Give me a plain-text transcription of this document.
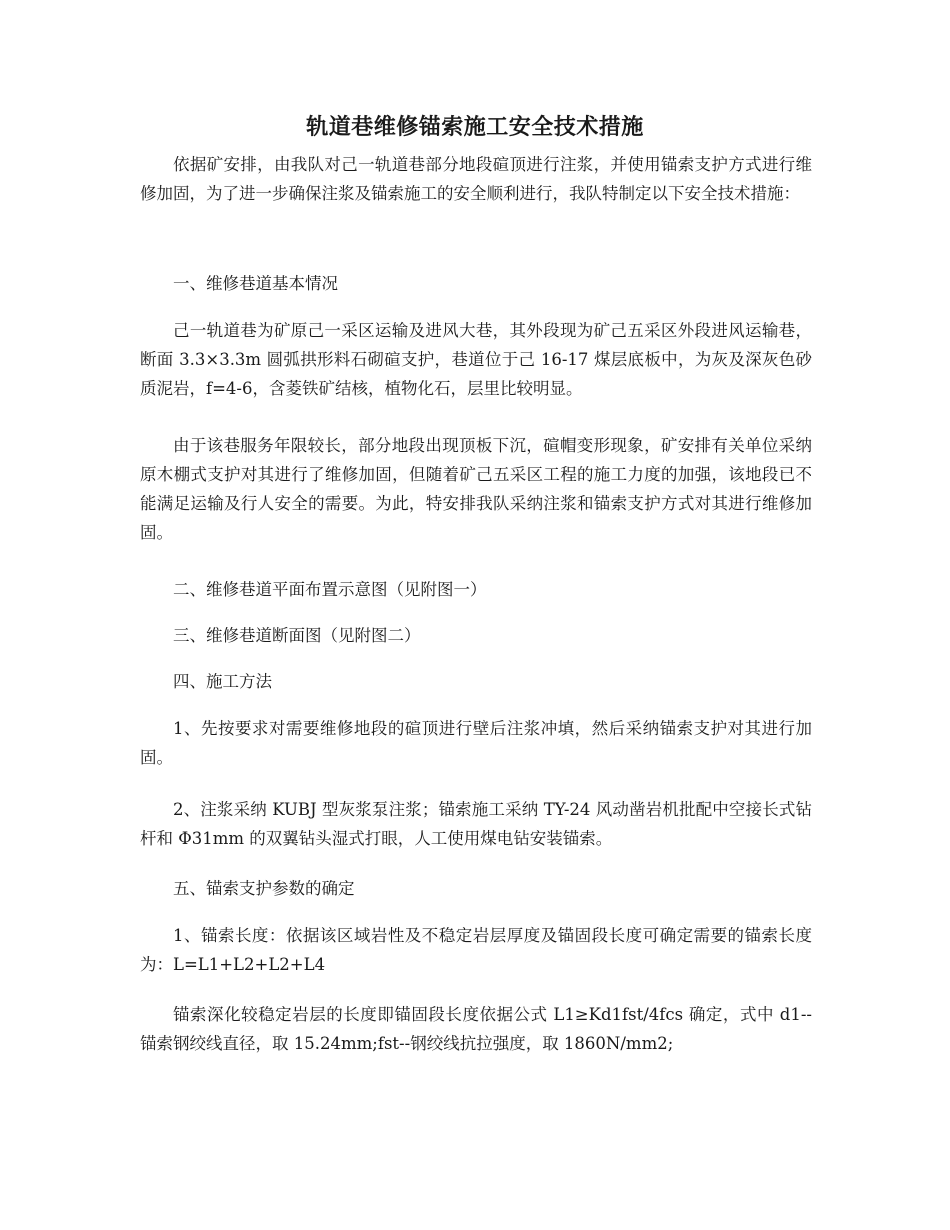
轨道巷维修锚索施工安全技术措施

依据矿安排，由我队对己一轨道巷部分地段碹顶进行注浆，并使用锚索支护方式进行维修加固，为了进一步确保注浆及锚索施工的安全顺利进行，我队特制定以下安全技术措施：

一、维修巷道基本情况

己一轨道巷为矿原己一采区运输及进风大巷，其外段现为矿己五采区外段进风运输巷，断面 3.3×3.3m 圆弧拱形料石砌碹支护，巷道位于己 16-17 煤层底板中，为灰及深灰色砂质泥岩，f=4-6，含菱铁矿结核，植物化石，层里比较明显。

由于该巷服务年限较长，部分地段出现顶板下沉，碹帽变形现象，矿安排有关单位采纳原木棚式支护对其进行了维修加固，但随着矿己五采区工程的施工力度的加强，该地段已不能满足运输及行人安全的需要。为此，特安排我队采纳注浆和锚索支护方式对其进行维修加固。

二、维修巷道平面布置示意图（见附图一）

三、维修巷道断面图（见附图二）

四、施工方法

1、先按要求对需要维修地段的碹顶进行壁后注浆冲填，然后采纳锚索支护对其进行加固。

2、注浆采纳 KUBJ 型灰浆泵注浆；锚索施工采纳 TY-24 风动凿岩机批配中空接长式钻杆和 Φ31mm 的双翼钻头湿式打眼，人工使用煤电钻安装锚索。

五、锚索支护参数的确定

1、锚索长度：依据该区域岩性及不稳定岩层厚度及锚固段长度可确定需要的锚索长度为：L=L1+L2+L2+L4

锚索深化较稳定岩层的长度即锚固段长度依据公式 L1≥Kd1fst/4fcs 确定，式中 d1--锚索钢绞线直径，取 15.24mm;fst--钢绞线抗拉强度，取 1860N/mm2;
